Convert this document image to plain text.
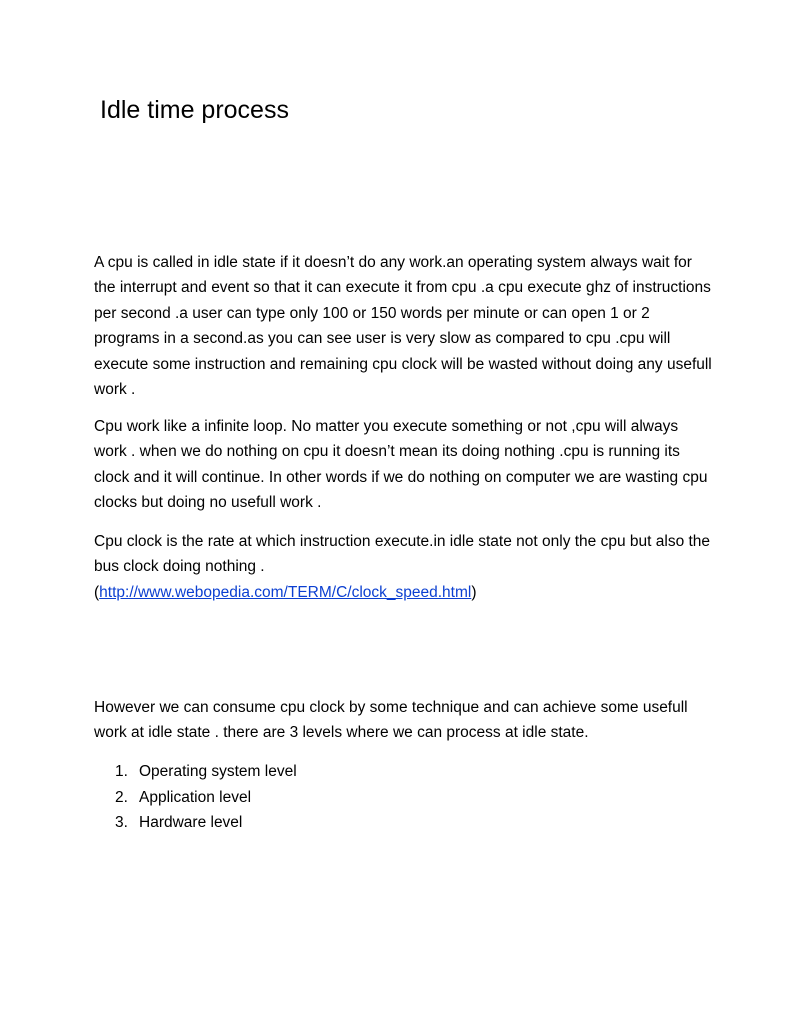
Idle time process

A cpu is called in idle state if it doesn’t do any work.an operating system always wait for the interrupt and event so that it can execute it from cpu .a cpu execute ghz of instructions per second .a user can type only 100 or 150 words per minute or can open 1 or 2 programs in a second.as you can see user is very slow as compared to cpu .cpu will execute some instruction and remaining cpu clock will be wasted without doing any usefull work .

Cpu work like a infinite loop. No matter you execute something or not ,cpu will always work . when we do nothing on cpu it doesn’t mean its doing nothing .cpu is running its clock and it will continue. In other words if we do nothing on computer we are wasting cpu clocks but doing no usefull work .

Cpu clock is the rate at which instruction execute.in idle state not only the cpu but also the bus clock doing nothing .
(http://www.webopedia.com/TERM/C/clock_speed.html)

However we can consume cpu clock by some technique and can achieve some usefull work at idle state . there are 3 levels where we can process at idle state.

1. Operating system level
2. Application level
3. Hardware level
